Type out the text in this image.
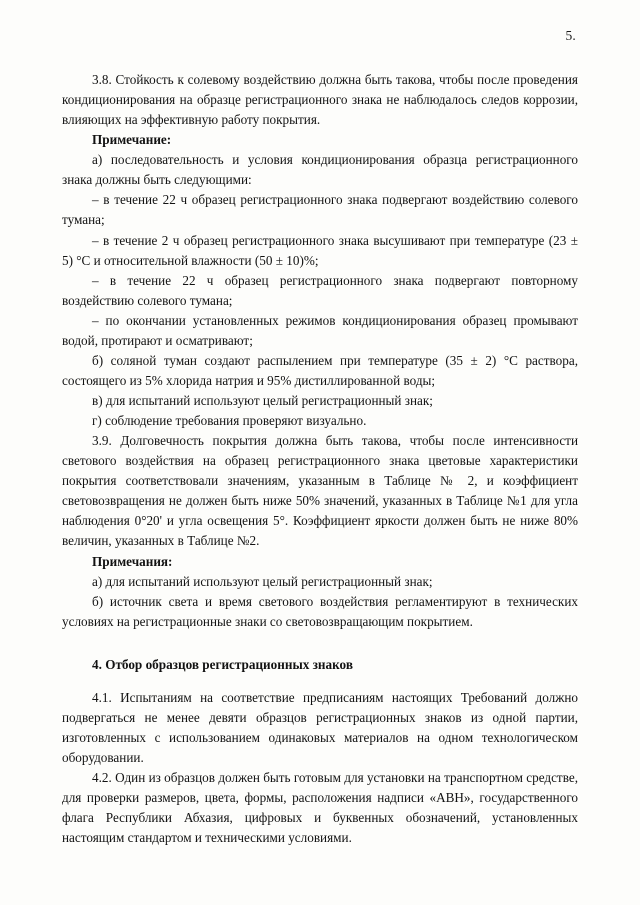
5.

3.8. Стойкость к солевому воздействию должна быть такова, чтобы после проведения кондиционирования на образце регистрационного знака не наблюдалось следов коррозии, влияющих на эффективную работу покрытия.

Примечание:

а) последовательность и условия кондиционирования образца регистрационного знака должны быть следующими:

– в течение 22 ч образец регистрационного знака подвергают воздействию солевого тумана;

– в течение 2 ч образец регистрационного знака высушивают при температуре (23 ± 5) °С и относительной влажности (50 ± 10)%;

– в течение 22 ч образец регистрационного знака подвергают повторному воздействию солевого тумана;

– по окончании установленных режимов кондиционирования образец промывают водой, протирают и осматривают;

б) соляной туман создают распылением при температуре (35 ± 2) °С раствора, состоящего из 5% хлорида натрия и 95% дистиллированной воды;

в) для испытаний используют целый регистрационный знак;

г) соблюдение требования проверяют визуально.

3.9. Долговечность покрытия должна быть такова, чтобы после интенсивности светового воздействия на образец регистрационного знака цветовые характеристики покрытия соответствовали значениям, указанным в Таблице № 2, и коэффициент световозвращения не должен быть ниже 50% значений, указанных в Таблице №1 для угла наблюдения 0°20' и угла освещения 5°. Коэффициент яркости должен быть не ниже 80% величин, указанных в Таблице №2.

Примечания:

а) для испытаний используют целый регистрационный знак;

б) источник света и время светового воздействия регламентируют в технических условиях на регистрационные знаки со световозвращающим покрытием.

4. Отбор образцов регистрационных знаков

4.1. Испытаниям на соответствие предписаниям настоящих Требований должно подвергаться не менее девяти образцов регистрационных знаков из одной партии, изготовленных с использованием одинаковых материалов на одном технологическом оборудовании.

4.2. Один из образцов должен быть готовым для установки на транспортном средстве, для проверки размеров, цвета, формы, расположения надписи «АВН», государственного флага Республики Абхазия, цифровых и буквенных обозначений, установленных настоящим стандартом и техническими условиями.
